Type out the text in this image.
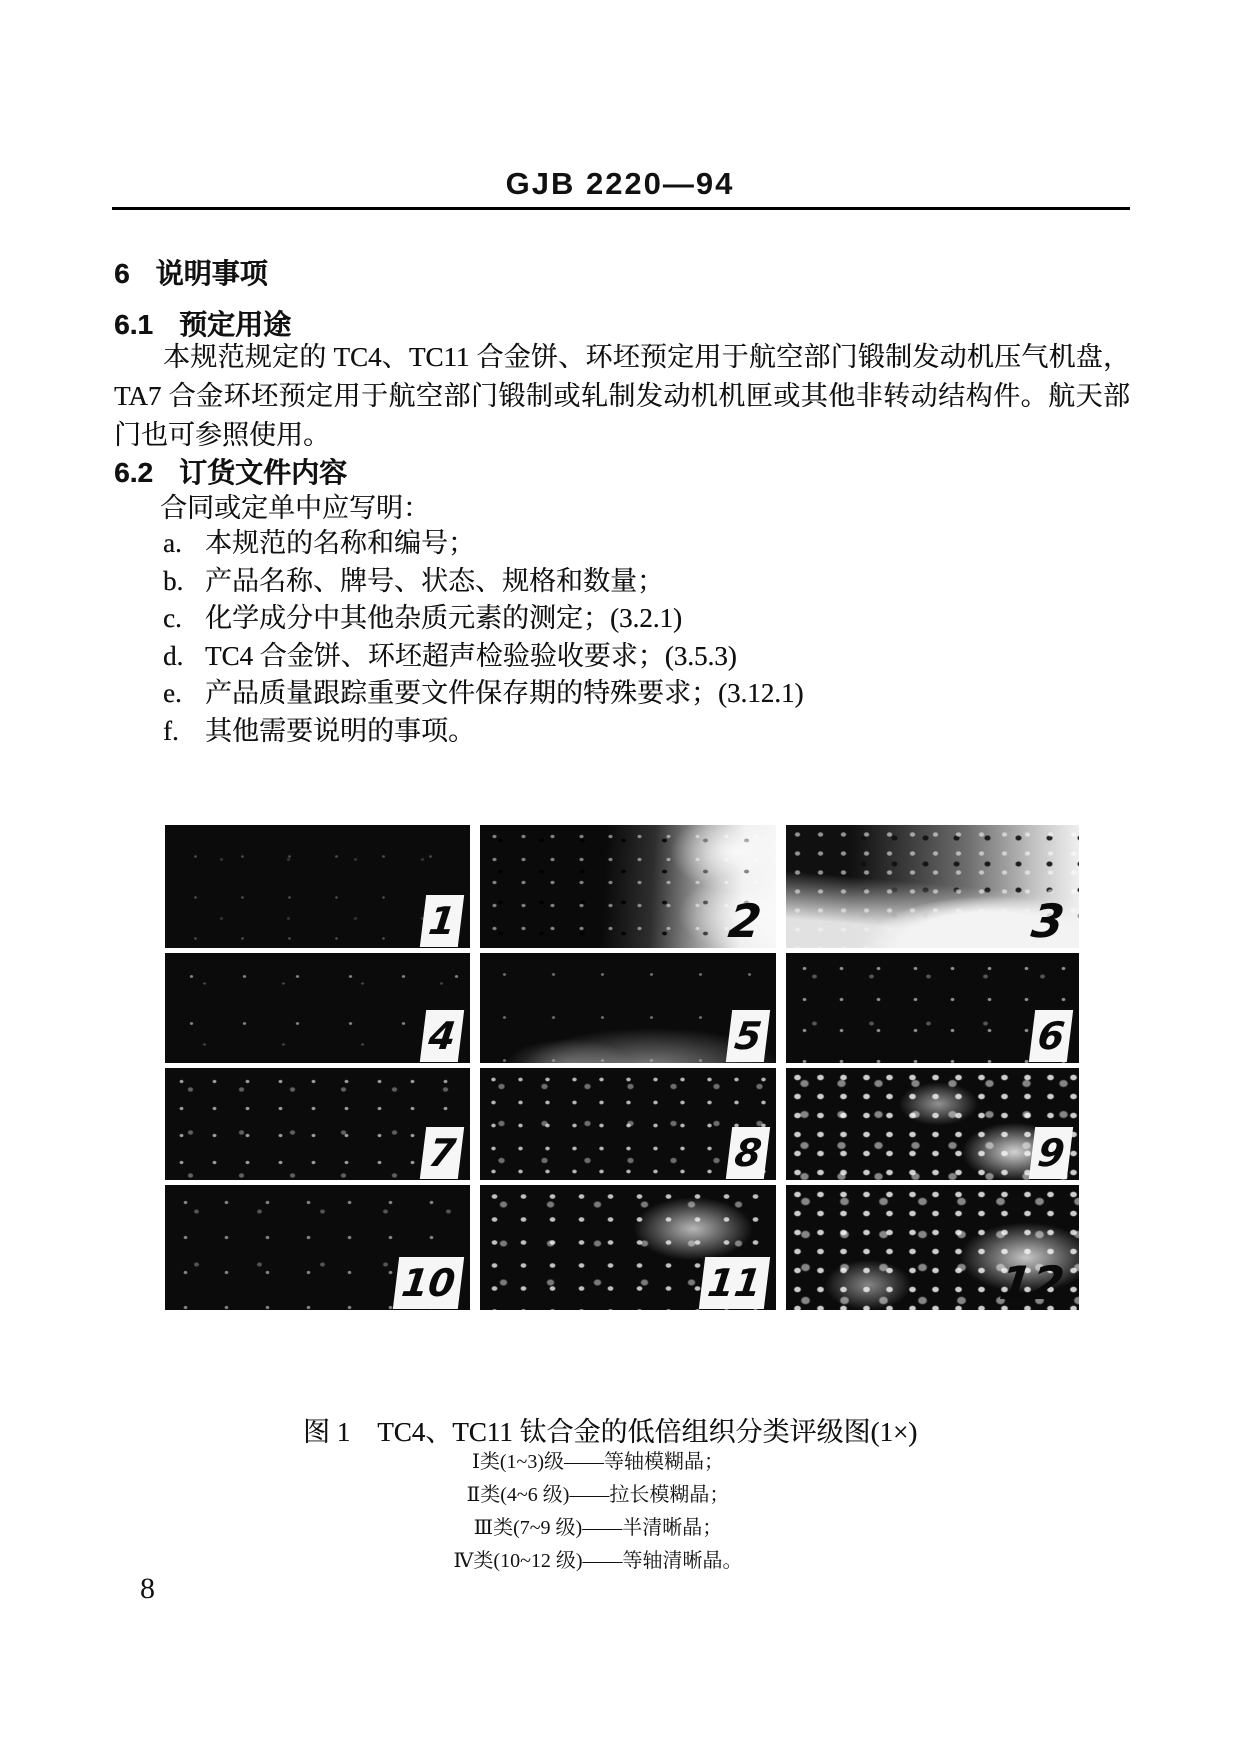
GJB 2220—94
6 说明事项
6.1 预定用途
本规范规定的 TC4、TC11 合金饼、环坯预定用于航空部门锻制发动机压气机盘，TA7 合金环坯预定用于航空部门锻制或轧制发动机机匣或其他非转动结构件。航天部门也可参照使用。
6.2 订货文件内容
合同或定单中应写明：
a. 本规范的名称和编号；
b. 产品名称、牌号、状态、规格和数量；
c. 化学成分中其他杂质元素的测定；(3.2.1)
d. TC4 合金饼、环坯超声检验验收要求；(3.5.3)
e. 产品质量跟踪重要文件保存期的特殊要求；(3.12.1)
f. 其他需要说明的事项。
1	2	3
4	5	6
7	8	9
10	11	12
图 1　TC4、TC11 钛合金的低倍组织分类评级图(1×)
Ⅰ类(1~3)级——等轴模糊晶；
Ⅱ类(4~6 级)——拉长模糊晶；
Ⅲ类(7~9 级)——半清晰晶；
Ⅳ类(10~12 级)——等轴清晰晶。
8
